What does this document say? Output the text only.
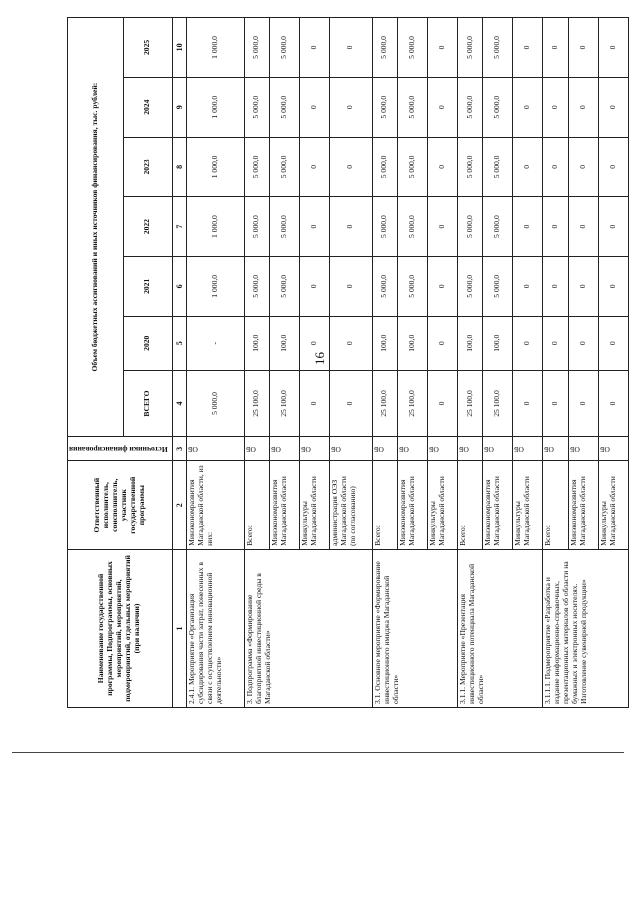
16
Наименование государственной программы, Подпрограммы, основных мероприятий, мероприятий, подмероприятий, отдельных мероприятий (при наличии)	Ответственный исполнитель, соисполнитель, участник государственной программы	Источники финансирования	Объем бюджетных ассигнований и иных источников финансирования, тыс. рублей:						
			ВСЕГО	2020	2021	2022	2023	2024	2025
1	2	3	4	5	6	7	8	9	10
2.4.1. Мероприятие «Организация субсидирования части затрат, понесенных в связи с осуществлением инновационной деятельности»	Минэкономразвития Магаданской области, из них:	ОБ	5 000,0	-	1 000,0	1 000,0	1 000,0	1 000,0	1 000,0
3. Подпрограмма «Формирование благоприятной инвестиционной среды в Магаданской области»	Всего:	ОБ	25 100,0	100,0	5 000,0	5 000,0	5 000,0	5 000,0	5 000,0
	Минэкономразвития Магаданской области	ОБ	25 100,0	100,0	5 000,0	5 000,0	5 000,0	5 000,0	5 000,0
	Минкультуры Магаданской области	ОБ	0	0	0	0	0	0	0
	администрация ОЭЗ Магаданской области (по согласованию)	ОБ	0	0	0	0	0	0	0
3.1. Основное мероприятие «Формирование инвестиционного имиджа Магаданской области»	Всего:	ОБ	25 100,0	100,0	5 000,0	5 000,0	5 000,0	5 000,0	5 000,0
	Минэкономразвития Магаданской области	ОБ	25 100,0	100,0	5 000,0	5 000,0	5 000,0	5 000,0	5 000,0
	Минкультуры Магаданской области	ОБ	0	0	0	0	0	0	0
3.1.1. Мероприятие «Презентация инвестиционного потенциала Магаданской области»	Всего:	ОБ	25 100,0	100,0	5 000,0	5 000,0	5 000,0	5 000,0	5 000,0
	Минэкономразвития Магаданской области	ОБ	25 100,0	100,0	5 000,0	5 000,0	5 000,0	5 000,0	5 000,0
	Минкультуры Магаданской области	ОБ	0	0	0	0	0	0	0
3.1.1.1. Подмероприятие «Разработка и издание информационно-справочных, презентационных материалов об области на бумажных и электронных носителях. Изготовление сувенирной продукции»	Всего:	ОБ	0	0	0	0	0	0	0
	Минэкономразвития Магаданской области	ОБ	0	0	0	0	0	0	0
	Минкультуры Магаданской области	ОБ	0	0	0	0	0	0	0
